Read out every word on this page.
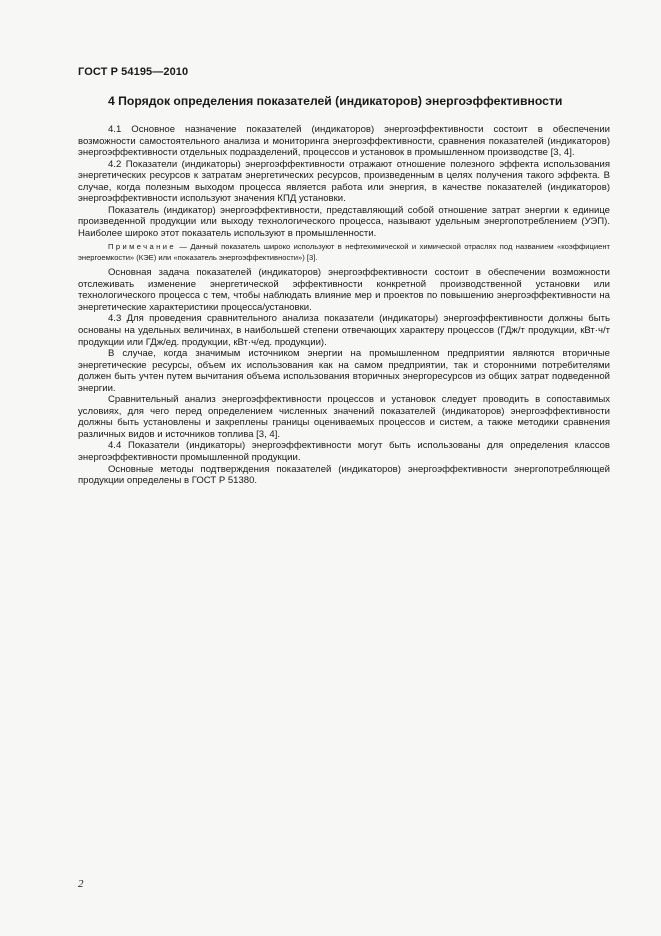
ГОСТ Р 54195—2010
4 Порядок определения показателей (индикаторов) энергоэффективности

4.1 Основное назначение показателей (индикаторов) энергоэффективности состоит в обеспечении возможности самостоятельного анализа и мониторинга энергоэффективности, сравнения показателей (индикаторов) энергоэффективности отдельных подразделений, процессов и установок в промышленном производстве [3, 4].

4.2 Показатели (индикаторы) энергоэффективности отражают отношение полезного эффекта использования энергетических ресурсов к затратам энергетических ресурсов, произведенным в целях получения такого эффекта. В случае, когда полезным выходом процесса является работа или энергия, в качестве показателей (индикаторов) энергоэффективности используют значения КПД установки.

Показатель (индикатор) энергоэффективности, представляющий собой отношение затрат энергии к единице произведенной продукции или выходу технологического процесса, называют удельным энергопотреблением (УЭП). Наиболее широко этот показатель используют в промышленности.

Примечание — Данный показатель широко используют в нефтехимической и химической отраслях под названием «коэффициент энергоемкости» (КЭЕ) или «показатель энергоэффективности») [3].

Основная задача показателей (индикаторов) энергоэффективности состоит в обеспечении возможности отслеживать изменение энергетической эффективности конкретной производственной установки или технологического процесса с тем, чтобы наблюдать влияние мер и проектов по повышению энергоэффективности на энергетические характеристики процесса/установки.

4.3 Для проведения сравнительного анализа показатели (индикаторы) энергоэффективности должны быть основаны на удельных величинах, в наибольшей степени отвечающих характеру процессов (ГДж/т продукции, кВт·ч/т продукции или ГДж/ед. продукции, кВт·ч/ед. продукции).

В случае, когда значимым источником энергии на промышленном предприятии являются вторичные энергетические ресурсы, объем их использования как на самом предприятии, так и сторонними потребителями должен быть учтен путем вычитания объема использования вторичных энергоресурсов из общих затрат подведенной энергии.

Сравнительный анализ энергоэффективности процессов и установок следует проводить в сопоставимых условиях, для чего перед определением численных значений показателей (индикаторов) энергоэффективности должны быть установлены и закреплены границы оцениваемых процессов и систем, а также методики сравнения различных видов и источников топлива [3, 4].

4.4 Показатели (индикаторы) энергоэффективности могут быть использованы для определения классов энергоэффективности промышленной продукции.

Основные методы подтверждения показателей (индикаторов) энергоэффективности энергопотребляющей продукции определены в ГОСТ Р 51380.

2
